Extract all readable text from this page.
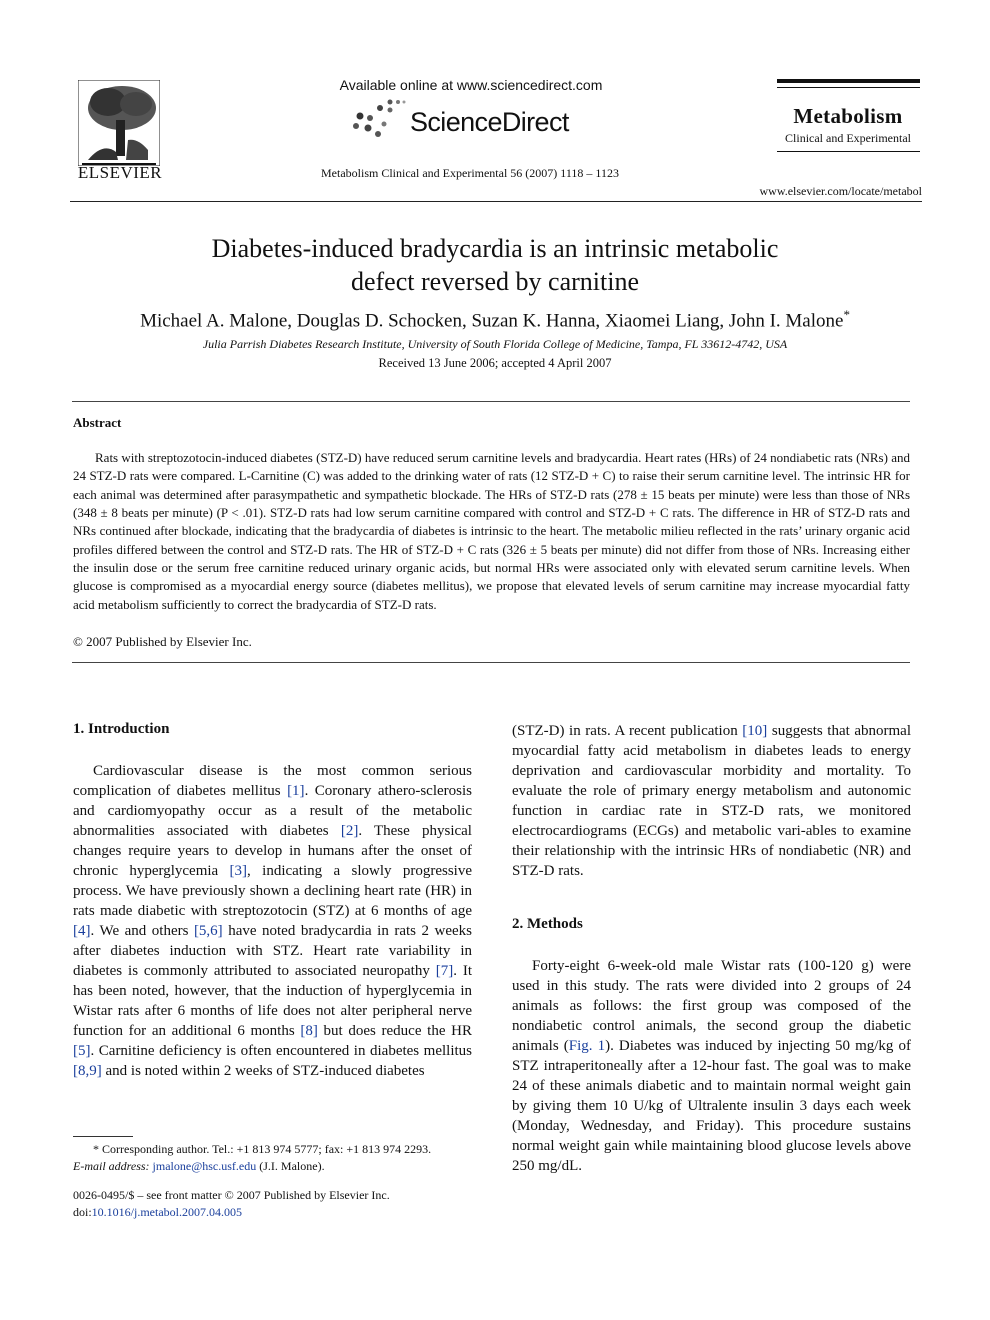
ELSEVIER
Available online at www.sciencedirect.com
ScienceDirect
Metabolism Clinical and Experimental 56 (2007) 1118 – 1123
Metabolism
Clinical and Experimental
www.elsevier.com/locate/metabol
Diabetes-induced bradycardia is an intrinsic metabolic
defect reversed by carnitine
Michael A. Malone, Douglas D. Schocken, Suzan K. Hanna, Xiaomei Liang, John I. Malone*
Julia Parrish Diabetes Research Institute, University of South Florida College of Medicine, Tampa, FL 33612-4742, USA
Received 13 June 2006; accepted 4 April 2007
Abstract
Rats with streptozotocin-induced diabetes (STZ-D) have reduced serum carnitine levels and bradycardia. Heart rates (HRs) of 24 nondiabetic rats (NRs) and 24 STZ-D rats were compared. L-Carnitine (C) was added to the drinking water of rats (12 STZ-D + C) to raise their serum carnitine level. The intrinsic HR for each animal was determined after parasympathetic and sympathetic blockade. The HRs of STZ-D rats (278 ± 15 beats per minute) were less than those of NRs (348 ± 8 beats per minute) (P < .01). STZ-D rats had low serum carnitine compared with control and STZ-D + C rats. The difference in HR of STZ-D rats and NRs continued after blockade, indicating that the bradycardia of diabetes is intrinsic to the heart. The metabolic milieu reflected in the rats’ urinary organic acid profiles differed between the control and STZ-D rats. The HR of STZ-D + C rats (326 ± 5 beats per minute) did not differ from those of NRs. Increasing either the insulin dose or the serum free carnitine reduced urinary organic acids, but normal HRs were associated only with elevated serum carnitine levels. When glucose is compromised as a myocardial energy source (diabetes mellitus), we propose that elevated levels of serum carnitine may increase myocardial fatty acid metabolism sufficiently to correct the bradycardia of STZ-D rats.
© 2007 Published by Elsevier Inc.
1. Introduction
Cardiovascular disease is the most common serious complication of diabetes mellitus [1]. Coronary athero-sclerosis and cardiomyopathy occur as a result of the metabolic abnormalities associated with diabetes [2]. These physical changes require years to develop in humans after the onset of chronic hyperglycemia [3], indicating a slowly progressive process. We have previously shown a declining heart rate (HR) in rats made diabetic with streptozotocin (STZ) at 6 months of age [4]. We and others [5,6] have noted bradycardia in rats 2 weeks after diabetes induction with STZ. Heart rate variability in diabetes is commonly attributed to associated neuropathy [7]. It has been noted, however, that the induction of hyperglycemia in Wistar rats after 6 months of life does not alter peripheral nerve function for an additional 6 months [8] but does reduce the HR [5]. Carnitine deficiency is often encountered in diabetes mellitus [8,9] and is noted within 2 weeks of STZ-induced diabetes
(STZ-D) in rats. A recent publication [10] suggests that abnormal myocardial fatty acid metabolism in diabetes leads to energy deprivation and cardiovascular morbidity and mortality. To evaluate the role of primary energy metabolism and autonomic function in cardiac rate in STZ-D rats, we monitored electrocardiograms (ECGs) and metabolic vari-ables to examine their relationship with the intrinsic HRs of nondiabetic (NR) and STZ-D rats.
2. Methods
Forty-eight 6-week-old male Wistar rats (100-120 g) were used in this study. The rats were divided into 2 groups of 24 animals as follows: the first group was composed of the nondiabetic control animals, the second group the diabetic animals (Fig. 1). Diabetes was induced by injecting 50 mg/kg of STZ intraperitoneally after a 12-hour fast. The goal was to make 24 of these animals diabetic and to maintain normal weight gain by giving them 10 U/kg of Ultralente insulin 3 days each week (Monday, Wednesday, and Friday). This procedure sustains normal weight gain while maintaining blood glucose levels above 250 mg/dL.
* Corresponding author. Tel.: +1 813 974 5777; fax: +1 813 974 2293.
E-mail address: jmalone@hsc.usf.edu (J.I. Malone).
0026-0495/$ – see front matter © 2007 Published by Elsevier Inc.
doi:10.1016/j.metabol.2007.04.005
